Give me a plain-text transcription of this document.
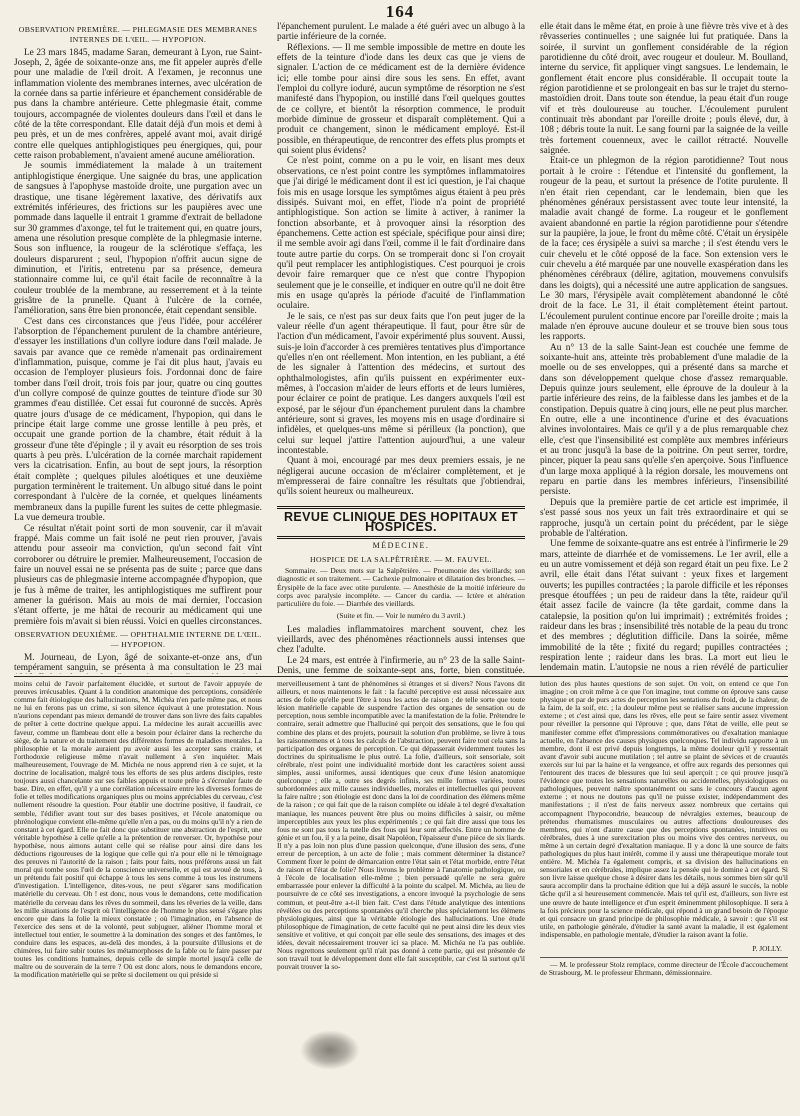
164
OBSERVATION PREMIÈRE. — PHLEGMASIE DES MEMBRANES INTERNES DE L'ŒIL. — HYPOPION.

Le 23 mars 1845, madame Saran, demeurant à Lyon, rue Saint-Joseph, 2, âgée de soixante-onze ans, me fit appeler auprès d'elle pour une maladie de l'œil droit. A l'examen, je reconnus une inflammation violente des membranes internes, avec ulcération de la cornée dans sa partie inférieure et épanchement considérable de pus dans la chambre antérieure. Cette phlegmasie était, comme toujours, accompagnée de violentes douleurs dans l'œil et dans le côté de la tête correspondant. Elle datait déjà d'un mois et demi à peu près, et un de mes confrères, appelé avant moi, avait dirigé contre elle quelques antiphlogistiques peu énergiques, qui, pour cette raison probablement, n'avaient amené aucune amélioration.

Je soumis immédiatement la malade à un traitement antiphlogistique énergique. Une saignée du bras, une application de sangsues à l'apophyse mastoïde droite, une purgation avec un drastique, une tisane légèrement laxative, des dérivatifs aux extrémités inférieures, des frictions sur les paupières avec une pommade dans laquelle il entrait 1 gramme d'extrait de belladone sur 30 grammes d'axonge, tel fut le traitement qui, en quatre jours, amena une résolution presque complète de la phlegmasie interne. Sous son influence, la rougeur de la sclérotique s'effaça, les douleurs disparurent ; seul, l'hypopion n'offrit aucun signe de diminution, et l'iritis, entretenu par sa présence, demeura stationnaire comme lui, ce qu'il était facile de reconnaître à la couleur troublée de la membrane, au resserrement et à la teinte grisâtre de la prunelle. Quant à l'ulcère de la cornée, l'amélioration, sans être bien prononcée, était cependant sensible.

C'est dans ces circonstances que j'eus l'idée, pour accélérer l'absorption de l'épanchement purulent de la chambre antérieure, d'essayer les instillations d'un collyre iodure dans l'œil malade. Je savais par avance que ce remède n'amenait pas ordinairement d'inflammation, puisque, comme je l'ai dit plus haut, j'avais eu occasion de l'employer plusieurs fois. J'ordonnai donc de faire tomber dans l'œil droit, trois fois par jour, quatre ou cinq gouttes d'un collyre composé de quinze gouttes de teinture d'iode sur 30 grammes d'eau distillée. Cet essai fut couronné de succès. Après quatre jours d'usage de ce médicament, l'hypopion, qui dans le principe était large comme une grosse lentille à peu près, et occupait une grande portion de la chambre, était réduit à la grosseur d'une tête d'épingle ; il y avait eu résorption de ses trois quarts à peu près. L'ulcération de la cornée marchait rapidement vers la cicatrisation. Enfin, au bout de sept jours, la résorption était complète ; quelques pilules aloétiques et une deuxième purgation terminèrent le traitement. Un albugo situé dans le point correspondant à l'ulcère de la cornée, et quelques linéaments membraneux dans la pupille furent les suites de cette phlegmasie. La vue demeura trouble.

Ce résultat n'était point sorti de mon souvenir, car il m'avait frappé. Mais comme un fait isolé ne peut rien prouver, j'avais attendu pour asseoir ma conviction, qu'un second fait vînt corroborer ou détruire le premier. Malheureusement, l'occasion de faire un nouvel essai ne se présenta pas de suite ; parce que dans plusieurs cas de phlegmasie interne accompagnée d'hypopion, que je fus à même de traiter, les antiphlogistiques me suffirent pour amener la guérison. Mais au mois de mai dernier, l'occasion s'étant offerte, je me hâtai de recourir au médicament qui une première fois m'avait si bien réussi. Voici en quelles circonstances.

OBSERVATION DEUXIÈME. — OPHTHALMIE INTERNE DE L'ŒIL. — HYPOPION.

M. Journeau, de Lyon, âgé de soixante-et-onze ans, d'un tempérament sanguin, se présenta à ma consultation le 23 mai

l'épanchement purulent. Le malade a été guéri avec un albugo à la partie inférieure de la cornée.

Réflexions. — Il me semble impossible de mettre en doute les effets de la teinture d'iode dans les deux cas que je viens de signaler. L'action de ce médicament est de la dernière évidence ici; elle tombe pour ainsi dire sous les sens. En effet, avant l'emploi du collyre ioduré, aucun symptôme de résorption ne s'est manifesté dans l'hypopion, ou instillé dans l'œil quelques gouttes de ce collyre, et bientôt la résorption commence, le produit morbide diminue de grosseur et disparaît complètement. Qui a produit ce changement, sinon le médicament employé. Est-il possible, en thérapeutique, de rencontrer des effets plus prompts et qui soient plus évidens?

Ce n'est point, comme on a pu le voir, en lisant mes deux observations, ce n'est point contre les symptômes inflammatoires que j'ai dirigé le médicament dont il est ici question, je l'ai chaque fois mis en usage lorsque les symptômes aigus étaient à peu près dissipés. Suivant moi, en effet, l'iode n'a point de propriété antiphlogistique. Son action se limite à activer, à ranimer la fonction absorbante, et à provoquer ainsi la résorption des épanchemens. Cette action est spéciale, spécifique pour ainsi dire; il me semble avoir agi dans l'œil, comme il le fait d'ordinaire dans toute autre partie du corps. On se tromperait donc si l'on croyait qu'il peut remplacer les antiphlogistiques. C'est pourquoi je crois devoir faire remarquer que ce n'est que contre l'hypopion seulement que je le conseille, et indiquer en outre qu'il ne doit être mis en usage qu'après la période d'acuité de l'inflammation oculaire.

Je le sais, ce n'est pas sur deux faits que l'on peut juger de la valeur réelle d'un agent thérapeutique. Il faut, pour être sûr de l'action d'un médicament, l'avoir expérimenté plus souvent. Aussi, suis-je loin d'accorder à ces premières tentatives plus d'importance qu'elles n'en ont réellement. Mon intention, en les publiant, a été de les signaler à l'attention des médecins, et surtout des ophthalmologistes, afin qu'ils puissent en expérimenter eux-mêmes, à l'occasion m'aider de leurs efforts et de leurs lumières, pour éclairer ce point de pratique. Les dangers auxquels l'œil est exposé, par le séjour d'un épanchement purulent dans la chambre antérieure, sont si graves, les moyens mis en usage d'ordinaire si infidèles, et quelques-uns même si périlleux (la ponction), que celui sur lequel j'attire l'attention aujourd'hui, a une valeur incontestable.

Quant à moi, encouragé par mes deux premiers essais, je ne négligerai aucune occasion de m'éclairer complètement, et je m'empresserai de faire connaître les résultats que j'obtiendrai, qu'ils soient heureux ou malheureux.

REVUE CLINIQUE DES HOPITAUX ET HOSPICES.
MÉDECINE.
HOSPICE DE LA SALPÊTRIÈRE. — M. FAUVEL.
Sommaire. — Deux mots sur la Salpêtrière. — Pneumonie des vieillards; son diagnostic et son traitement. — Cachexie pulmonaire et dilatation des bronches. — Érysipèle de la face avec otite purulente. — Anesthésie de la moitié inférieure du corps avec paralysie incomplète. — Cancer du cardia. — Ictère et altération particulière du foie. — Diarrhée des vieillards.
(Suite et fin. — Voir le numéro du 3 avril.)

Les maladies inflammatoires marchent souvent, chez les vieillards, avec des phénomènes réactionnels aussi intenses que chez l'adulte.

Le 24 mars, est entrée à l'infirmerie, au n° 23 de la salle Saint-Denis, une femme de soixante-sept ans, forte, bien constituée.

elle était dans le même état, en proie à une fièvre très vive et à des rêvasseries continuelles ; une saignée lui fut pratiquée. Dans la soirée, il survint un gonflement considérable de la région parotidienne du côté droit, avec rougeur et douleur. M. Boulland, interne du service, fit appliquer vingt sangsues. Le lendemain, le gonflement était encore plus considérable. Il occupait toute la région parotidienne et se prolongeait en bas sur le trajet du sterno-mastoïdien droit. Dans toute son étendue, la peau était d'un rouge vif et très douloureuse au toucher. L'écoulement purulent continuait très abondant par l'oreille droite ; pouls élevé, dur, à 108 ; débris toute la nuit. Le sang fourni par la saignée de la veille très fortement couenneux, avec le caillot rétracté. Nouvelle saignée.

Etait-ce un phlegmon de la région parotidienne? Tout nous portait à le croire : l'étendue et l'intensité du gonflement, la rougeur de la peau, et surtout la présence de l'otite purulente. Il n'en était rien cependant, car le lendemain, bien que les phénomènes généraux persistassent avec toute leur intensité, la maladie avait changé de forme. La rougeur et le gonflement avaient abandonné en partie la région parotidienne pour s'étendre sur la paupière, la joue, le front du même côté. C'était un érysipèle de la face; ces érysipèle a suivi sa marche ; il s'est étendu vers le cuir chevelu et le côté opposé de la face. Son extension vers le cuir chevelu a été marquée par une nouvelle exaspération dans les phénomènes cérébraux (délire, agitation, mouvemens convulsifs dans les doigts), qui a nécessité une autre application de sangsues. Le 30 mars, l'érysipèle avait complètement abandonné le côté droit de la face. Le 31, il était complètement éteint partout. L'écoulement purulent continue encore par l'oreille droite ; mais la malade n'en éprouve aucune douleur et se trouve bien sous tous les rapports.

Au n° 13 de la salle Saint-Jean est couchée une femme de soixante-huit ans, atteinte très probablement d'une maladie de la moelle ou de ses enveloppes, qui a présenté dans sa marche et dans son développement quelque chose d'assez remarquable. Depuis quinze jours seulement, elle éprouve de la douleur à la partie inférieure des reins, de la faiblesse dans les jambes et de la constipation. Depuis quatre à cinq jours, elle ne peut plus marcher. En outre, elle a une incontinence d'urine et des évacuations alvines involontaires. Mais ce qu'il y a de plus remarquable chez elle, c'est que l'insensibilité est complète aux membres inférieurs et au tronc jusqu'à la base de la poitrine. On peut serrer, tordre, pincer, piquer la peau sans qu'elle s'en aperçoive. Sous l'influence d'un large moxa appliqué à la région dorsale, les mouvemens ont reparu en partie dans les membres inférieurs, l'insensibilité persiste.

Depuis que la première partie de cet article est imprimée, il s'est passé sous nos yeux un fait très extraordinaire et qui se rapproche, jusqu'à un certain point du précédent, par le siège probable de l'altération.

Une femme de soixante-quatre ans est entrée à l'infirmerie le 29 mars, atteinte de diarrhée et de vomissemens. Le 1er avril, elle a eu un autre vomissement et déjà son regard était un peu fixe. Le 2 avril, elle était dans l'état suivant : yeux fixes et largement ouverts; les pupilles contractées ; la parole difficile et les réponses presque étouffées ; un peu de raideur dans la tête, raideur qu'il était assez facile de vaincre (la tête gardait, comme dans la catalepsie, la position qu'on lui imprimait) ; extrémités froides ; raideur dans les bras ; insensibilité très notable de la peau du tronc et des membres ; déglutition difficile. Dans la soirée, même immobilité de la tête ; fixité du regard; pupilles contractées ; respiration lente ; raideur dans les bras. La mort eut lieu le lendemain matin. L'autopsie ne nous a rien révélé de particulier

moins celui de l'avoir parfaitement élucidée, et surtout de l'avoir appuyée de preuves irrécusables. Quant à la condition anatomique des perceptions, considérée comme fait étiologique des hallucinations, M. Michéa n'en parle même pas, et nous ne lui en ferons pas un crime, si son silence équivaut à une protestation. Nous n'aurions cependant pas mieux demandé de trouver dans son livre des faits capables de prêter à cette doctrine quelque appui. La médecine les aurait accueillis avec faveur, comme un flambeau dont elle a besoin pour éclairer dans la recherche du siège, de la nature et du traitement des différentes formes de maladies mentales. La philosophie et la morale auraient pu avoir aussi les accepter sans crainte, et l'orthodoxie religieuse même n'avait nullement à s'en inquiéter. Mais malheureusement, l'ouvrage de M. Michéa ne nous apprend rien à ce sujet, et la doctrine de localisation, malgré tous les efforts de ses plus ardens disciples, reste toujours aussi chancelante sur ses faibles appuis et toute prête à s'écrouler faute de base. Dire, en effet, qu'il y a une corrélation nécessaire entre les diverses formes de folie et telles modifications organiques plus ou moins appréciables du cerveau, c'est nullement résoudre la question. Pour établir une doctrine positive, il faudrait, ce semble, l'édifier avant tout sur des bases positives, et l'école anatomique ou phrénologique convient elle-même qu'elle n'en a pas, ou du moins qu'il n'y a rien de constant à cet égard. Elle ne fait donc que substituer une abstraction de l'esprit, une véritable hypothèse à celle qu'elle a la prétention de renverser. Or, hypothèse pour hypothèse, nous aimons autant celle qui se réalise pour ainsi dire dans les déductions rigoureuses de la logique que celle qui n'a pour elle ni le témoignage des preuves ni l'autorité de la raison ; faits pour faits, nous préférons aussi un fait moral qui tombe sous l'œil de la conscience universelle, et qui est avoué de tous, à un prétendu fait positif qui échappe à tous les sens comme à tous les instrumens d'investigation. L'intelligence, dites-vous, ne peut s'égarer sans modification matérielle du cerveau. Oh ! est donc, nous vous le demandons, cette modification matérielle du cerveau dans les rêves du sommeil, dans les rêveries de la veille, dans les mille situations de l'esprit où l'intelligence de l'homme le plus sensé s'égare plus encore que dans la folie la mieux constatée ; où l'imagination, en l'absence de l'exercice des sens et de la volonté, peut subjuguer, aliéner l'homme moral et intellectuel tout entier, le soumettre à la domination des songes et des fantômes, le conduire dans les espaces, au-delà des mondes, à la poursuite d'illusions et de chimères, lui faire subir toutes les métamorphoses de la fable ou le faire passer par toutes les conditions humaines, depuis celle de simple mortel jusqu'à celle de maître ou de souverain de la terre ? Où est donc alors, nous le demandons encore, la modification matérielle qui se prête si docilement ou qui préside si

merveilleusement à tant de phénomènes si étranges et si divers? Nous l'avons dit ailleurs, et nous maintenons le fait : la faculté perceptive est aussi nécessaire aux actes de folie qu'elle peut l'être à tous les actes de raison ; de telle sorte que toute lésion matérielle capable de suspendre l'action des organes de sensation ou de perception, nous semble incompatible avec la manifestation de la folie. Prétendre le contraire, serait admettre que l'halluciné qui perçoit des sensations, que le fou qui combine des plans et des projets, poursuit la solution d'un problème, se livre à tous les raisonnemens et à tous les calculs de l'abstraction, peuvent faire tout cela sans la participation des organes de perception. Ce qui dépasserait évidemment toutes les doctrines du spiritualisme le plus outré. La folie, d'ailleurs, soit sensoriale, soit cérébrale, n'est point une individualité morbide dont les caractères soient aussi simples, aussi uniformes, aussi identiques que ceux d'une lésion anatomique quelconque ; elle a, outre ses degrés infinis, ses mille formes variées, toutes subordonnées aux mille causes individuelles, morales et intellectuelles qui peuvent la faire naître ; son étiologie est donc dans la loi de coordination des élémens même de la raison ; ce qui fait que de la raison complète ou idéale à tel degré d'exaltation maniaque, les nuances peuvent être plus ou moins difficiles à saisir, ou même imperceptibles aux yeux les plus expérimentés ; ce qui fait dire aussi que tous les fous ne sont pas tous la tutelle des fous qui leur sont affectés. Entre un homme de génie et un fou, il y a la peine, disait Napoléon, l'épaisseur d'une pièce de six liards. Il n'y a pas loin non plus d'une passion quelconque, d'une illusion des sens, d'une erreur de perception, à un acte de folie ; mais comment déterminer la distance? Comment fixer le point de démarcation entre l'état sain et l'état morbide, entre l'état de raison et l'état de folie? Nous livrons le problème à l'anatomie pathologique, ou à l'école de localisation elle-même ; bien persuadé qu'elle ne sera guère embarrassée pour enlever la difficulté à la pointe du scalpel. M. Michéa, au lieu de poursuivre de ce côté ses investigations, a encore invoqué la psychologie de sens commun, et peut-être a-t-il bien fait. C'est dans l'étude analytique des intentions révélées ou des perceptions spontanées qu'il cherche plus spécialement les élémens physiologiques, ainsi que la véritable étiologie des hallucinations. Une étude philosophique de l'imagination, de cette faculté qui ne peut ainsi dire les deux vies sensitive et volitive, et qui conçoit par elle seule des sensations, des images et des idées, devait nécessairement trouver ici sa place. M. Michéa ne l'a pas oubliée. Nous regrettons seulement qu'il n'ait pas donné à cette partie, qui est présentée de son travail tout le développement dont elle fait susceptible, car c'est là surtout qu'il pouvait trouver la so-

lution des plus hautes questions de son sujet. On voit, on entend ce que l'on imagine ; on croit même à ce que l'on imagine, tout comme on éprouve sans cause physique et par de purs actes de perception les sentations du froid, de la chaleur, de la faim, de la soif, etc. ; la douleur même peut se réaliser sans aucune impression externe ; et c'est ainsi que, dans les rêves, elle peut se faire sentir assez vivement pour réveiller la personne qui l'éprouve ; que, dans l'état de veille, elle peut se manifester comme effet d'impressions commémoratives ou d'exaltation maniaque actuelle, en l'absence des causes physiques quelconques. Tel individu rapporte à un membre, dont il est privé depuis longtemps, la même douleur qu'il y ressentait avant d'avoir subi aucune mutilation ; tel autre se plaint de sévices et de cruautés exercés sur lui par la haine et la vengeance, et offre aux regards des personnes qui l'entourent des traces de blessures que lui seul aperçoit ; ce qui prouve jusqu'à l'évidence que toutes les sensations naturelles ou accidentelles, physiologiques ou pathologiques, peuvent naître spontanément ou sans le concours d'aucun agent externe ; et nous ne doutons pas qu'il ne puisse exister, indépendamment des manifestations ; il n'est de faits nerveux assez nombreux que certains qui accompagnent l'hypocondrie, beaucoup de névralgies externes, beaucoup de prétendus rhumatismes musculaires ou autres affections douloureuses des membres, qui n'ont d'autre cause que des perceptions spontanées, intuitives ou cérébrales, dues à une surexcitation plus ou moins vive des centres nerveux, ou même à un certain degré d'exaltation maniaque. Il y a donc là une source de faits pathologiques du plus haut intérêt, comme il y aussi une thérapeutique morale tout entière. M. Michéa l'a également compris, et sa division des hallucinations en sensoriales et en cérébrales, implique assez la pensée qui le domine à cet égard. Si son livre laisse quelque chose à désirer dans les détails, nous sommes bien sûr qu'il saura accomplir dans la prochaine édition que lui a déjà assuré le succès, la noble tâche qu'il a si heureusement commencée. Mais tel qu'il est, d'ailleurs, son livre est une œuvre de haute intelligence et d'un esprit éminemment philosophique. Il sera à la fois précieux pour la science médicale, qui répond à un grand besoin de l'époque et qui consacre un grand principe de philosophie médicale, à savoir : que s'il est utile, en pathologie générale, d'étudier la santé avant la maladie, il est également indispensable, en pathologie mentale, d'étudier la raison avant la folie.

P. JOLLY.

— M. le professeur Stolz remplace, comme directeur de l'École d'accouchement de Strasbourg, M. le professeur Ehrmann, démissionnaire.
